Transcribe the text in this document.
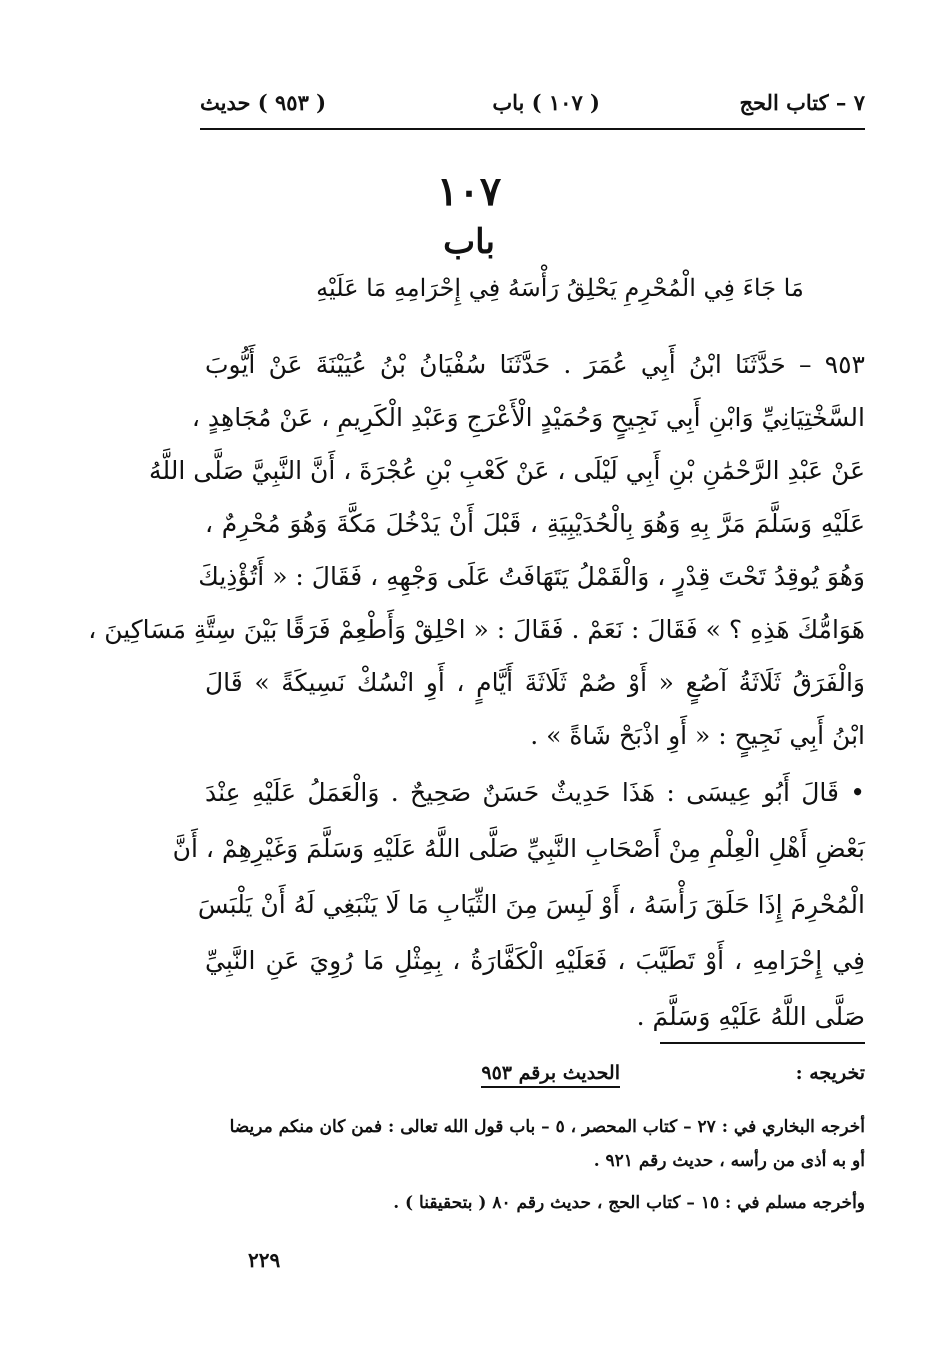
٧ – كتاب الحج
( ١٠٧ ) باب
( ٩٥٣ ) حديث
١٠٧
باب
مَا جَاءَ فِي الْمُحْرِمِ يَحْلِقُ رَأْسَهُ فِي إِحْرَامِهِ مَا عَلَيْهِ
٩٥٣ – حَدَّثَنَا ابْنُ أَبِي عُمَرَ . حَدَّثَنَا سُفْيَانُ بْنُ عُيَيْنَةَ عَنْ أَيُّوبَ
السَّخْتِيَانِيِّ وَابْنِ أَبِي نَجِيحٍ وَحُمَيْدٍ الْأَعْرَجِ وَعَبْدِ الْكَرِيمِ ، عَنْ مُجَاهِدٍ ،
عَنْ عَبْدِ الرَّحْمَٰنِ بْنِ أَبِي لَيْلَى ، عَنْ كَعْبِ بْنِ عُجْرَةَ ، أَنَّ النَّبِيَّ صَلَّى اللَّهُ
عَلَيْهِ وَسَلَّمَ مَرَّ بِهِ وَهُوَ بِالْحُدَيْبِيَةِ ، قَبْلَ أَنْ يَدْخُلَ مَكَّةَ وَهُوَ مُحْرِمٌ ،
وَهُوَ يُوقِدُ تَحْتَ قِدْرٍ ، وَالْقَمْلُ يَتَهَافَتُ عَلَى وَجْهِهِ ، فَقَالَ : « أَتُؤْذِيكَ
هَوَامُّكَ هَذِهِ ؟ » فَقَالَ : نَعَمْ . فَقَالَ : « احْلِقْ وَأَطْعِمْ فَرَقًا بَيْنَ سِتَّةِ مَسَاكِينَ ،
وَالْفَرَقُ ثَلَاثَةُ آصُعٍ « أَوْ صُمْ ثَلَاثَةَ أَيَّامٍ ، أَوِ انْسُكْ نَسِيكَةً » قَالَ
ابْنُ أَبِي نَجِيحٍ : « أَوِ اذْبَحْ شَاةً » .
• قَالَ أَبُو عِيسَى : هَذَا حَدِيثٌ حَسَنٌ صَحِيحٌ . وَالْعَمَلُ عَلَيْهِ عِنْدَ
بَعْضِ أَهْلِ الْعِلْمِ مِنْ أَصْحَابِ النَّبِيِّ صَلَّى اللَّهُ عَلَيْهِ وَسَلَّمَ وَغَيْرِهِمْ ، أَنَّ
الْمُحْرِمَ إِذَا حَلَقَ رَأْسَهُ ، أَوْ لَبِسَ مِنَ الثِّيَابِ مَا لَا يَنْبَغِي لَهُ أَنْ يَلْبَسَ
فِي إِحْرَامِهِ ، أَوْ تَطَيَّبَ ، فَعَلَيْهِ الْكَفَّارَةُ ، بِمِثْلِ مَا رُوِيَ عَنِ النَّبِيِّ
صَلَّى اللَّهُ عَلَيْهِ وَسَلَّمَ .
تخريجه :
الحديث برقم ٩٥٣
أخرجه البخاري في : ٢٧ – كتاب المحصر ، ٥ – باب قول الله تعالى : فمن كان منكم مريضا
أو به أذى من رأسه ، حديث رقم ٩٢١ .
وأخرجه مسلم في : ١٥ – كتاب الحج ، حديث رقم ٨٠ ( بتحقيقنا ) .
٢٢٩
